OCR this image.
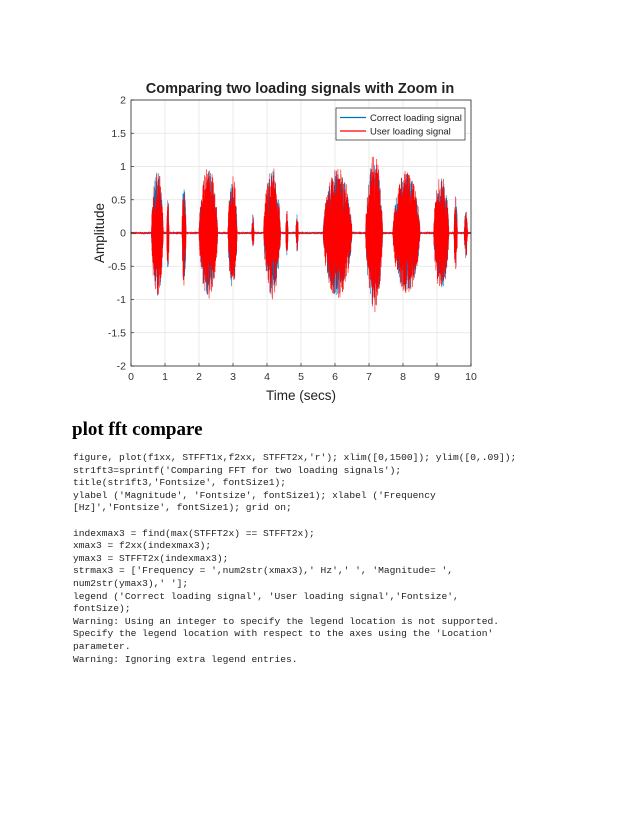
Comparing two loading signals with Zoom in
0	1	2	3	4	5	6	7	8	9 10
2
1.5
1
0.5
0
-0.5
-1
-1.5
-2
Time (secs)
Amplitude
Correct loading signal
User loading signal
plot fft compare
figure, plot(f1xx, STFFT1x,f2xx, STFFT2x,'r'); xlim([0,1500]); ylim([0,.09]);
str1ft3=sprintf('Comparing FFT for two loading signals');
title(str1ft3,'Fontsize', fontSize1);
ylabel ('Magnitude', 'Fontsize', fontSize1); xlabel ('Frequency
[Hz]','Fontsize', fontSize1); grid on;
indexmax3 = find(max(STFFT2x) == STFFT2x);
xmax3 = f2xx(indexmax3);
ymax3 = STFFT2x(indexmax3);
strmax3 = ['Frequency = ',num2str(xmax3),' Hz',' ', 'Magnitude= ',
num2str(ymax3),' '];
legend ('Correct loading signal', 'User loading signal','Fontsize',
fontSize);
Warning: Using an integer to specify the legend location is not supported.
Specify the legend location with respect to the axes using the 'Location'
parameter.
Warning: Ignoring extra legend entries.
